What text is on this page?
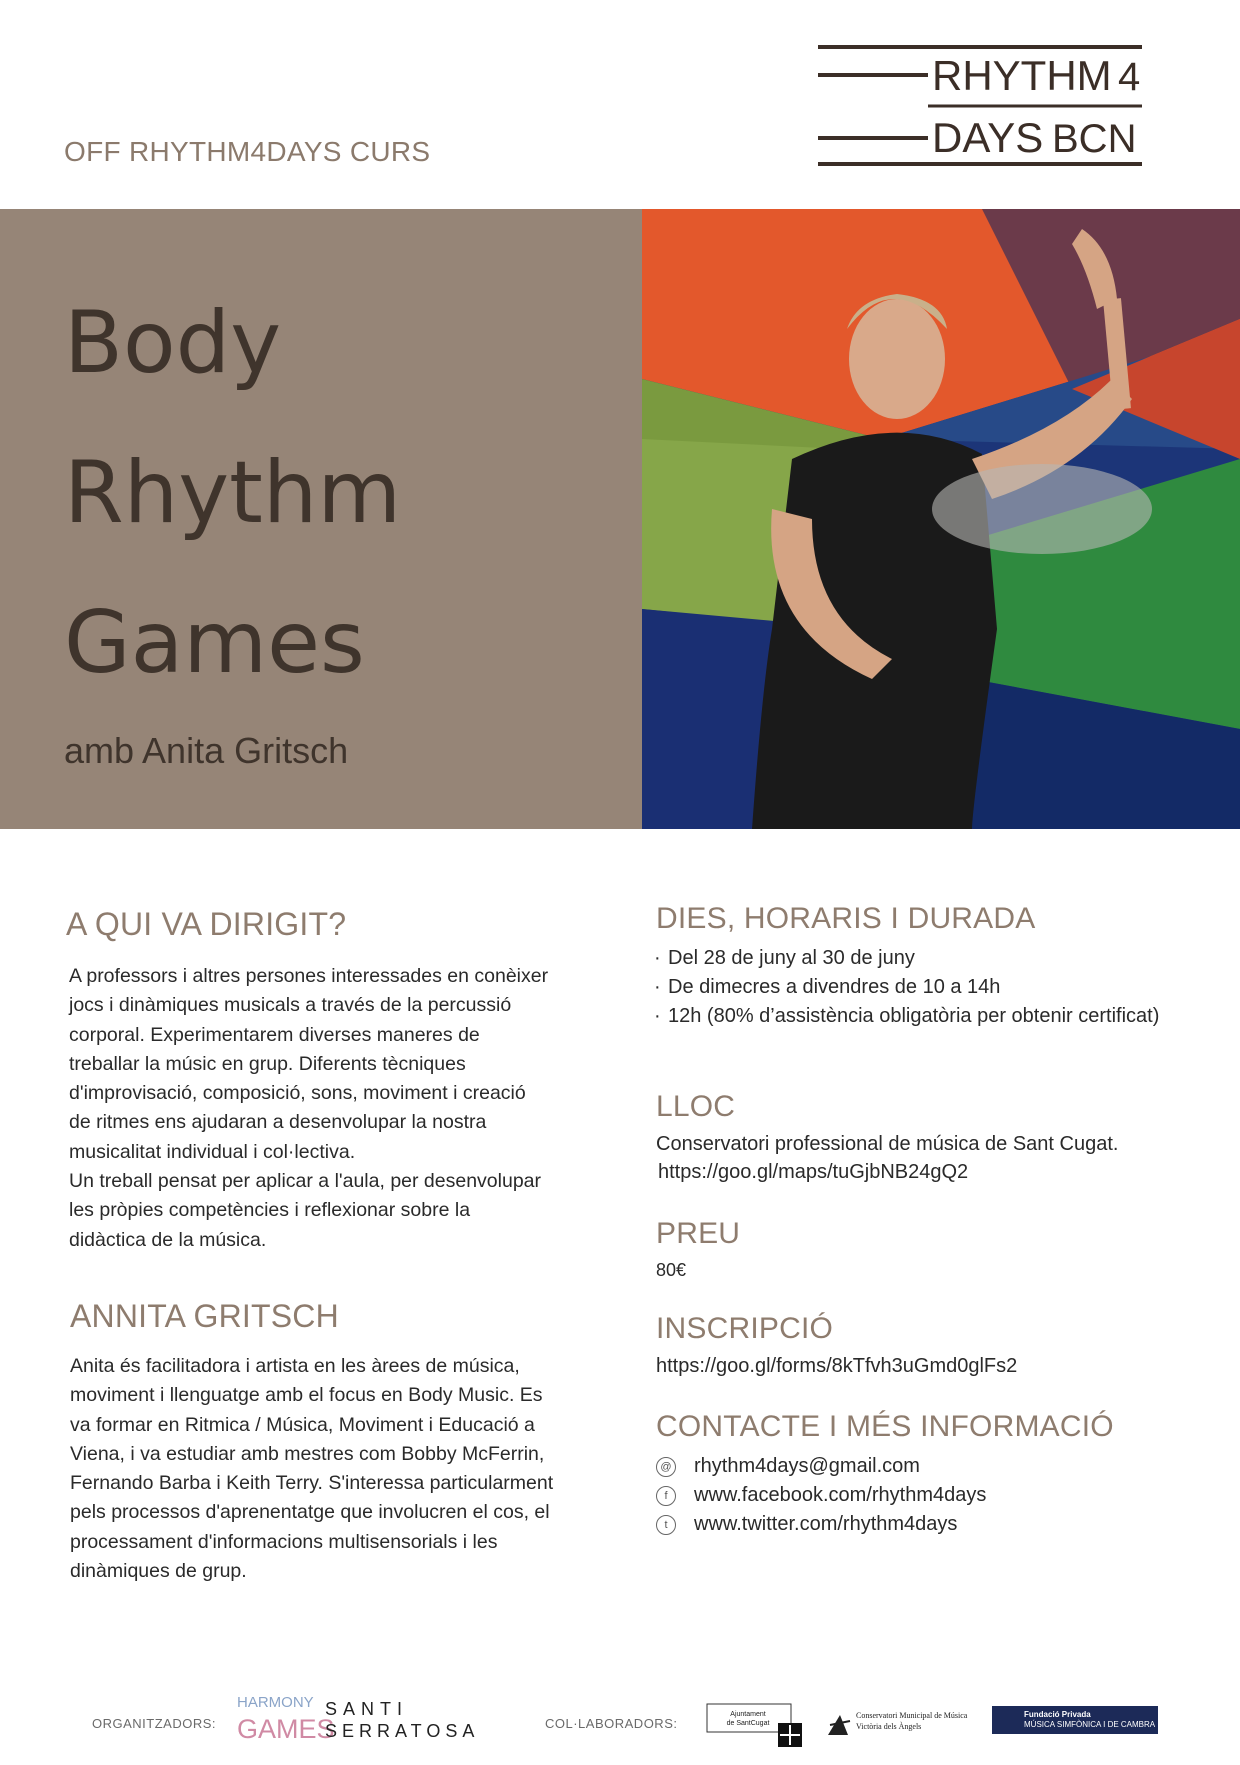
OFF RHYTHM4DAYS CURS
RHYTHM 4
DAYS BCN
Body
Rhythm
Games
amb Anita Gritsch
A QUI VA DIRIGIT?

A professors i altres persones interessades en conèixer jocs i dinàmiques musicals a través de la percussió corporal. Experimentarem diverses maneres de treballar la músic en grup. Diferents tècniques d'improvisació, composició, sons, moviment i creació de ritmes ens ajudaran a desenvolupar la nostra musicalitat individual i col·lectiva.

Un treball pensat per aplicar a l'aula, per desenvolupar les pròpies competències i reflexionar sobre la didàctica de la música.

ANNITA GRITSCH
Anita és facilitadora i artista en les àrees de música, moviment i llenguatge amb el focus en Body Music. Es va formar en Ritmica / Música, Moviment i Educació a Viena, i va estudiar amb mestres com Bobby McFerrin, Fernando Barba i Keith Terry. S'interessa particularment pels processos d'aprenentatge que involucren el cos, el processament d'informacions multisensorials i les dinàmiques de grup.
DIES, HORARIS I DURADA
· Del 28 de juny al 30 de juny
· De dimecres a divendres de 10 a 14h
· 12h (80% d’assistència obligatòria per obtenir certificat)
LLOC
Conservatori professional de música de Sant Cugat.
https://goo.gl/maps/tuGjbNB24gQ2
PREU
80€
INSCRIPCIÓ
https://goo.gl/forms/8kTfvh3uGmd0glFs2
CONTACTE I MÉS INFORMACIÓ
@ rhythm4days@gmail.com
f	www.facebook.com/rhythm4days
t	www.twitter.com/rhythm4days
ORGANITZADORS:
HARMONY
GAMES
SANTI
SERRATOSA	COL·LABORADORS:
Ajuntament
de SantCugat
Conservatori Municipal de Música
Victòria dels Àngels
Fundació Privada
MÚSICA SIMFÒNICA I DE CAMBRA
